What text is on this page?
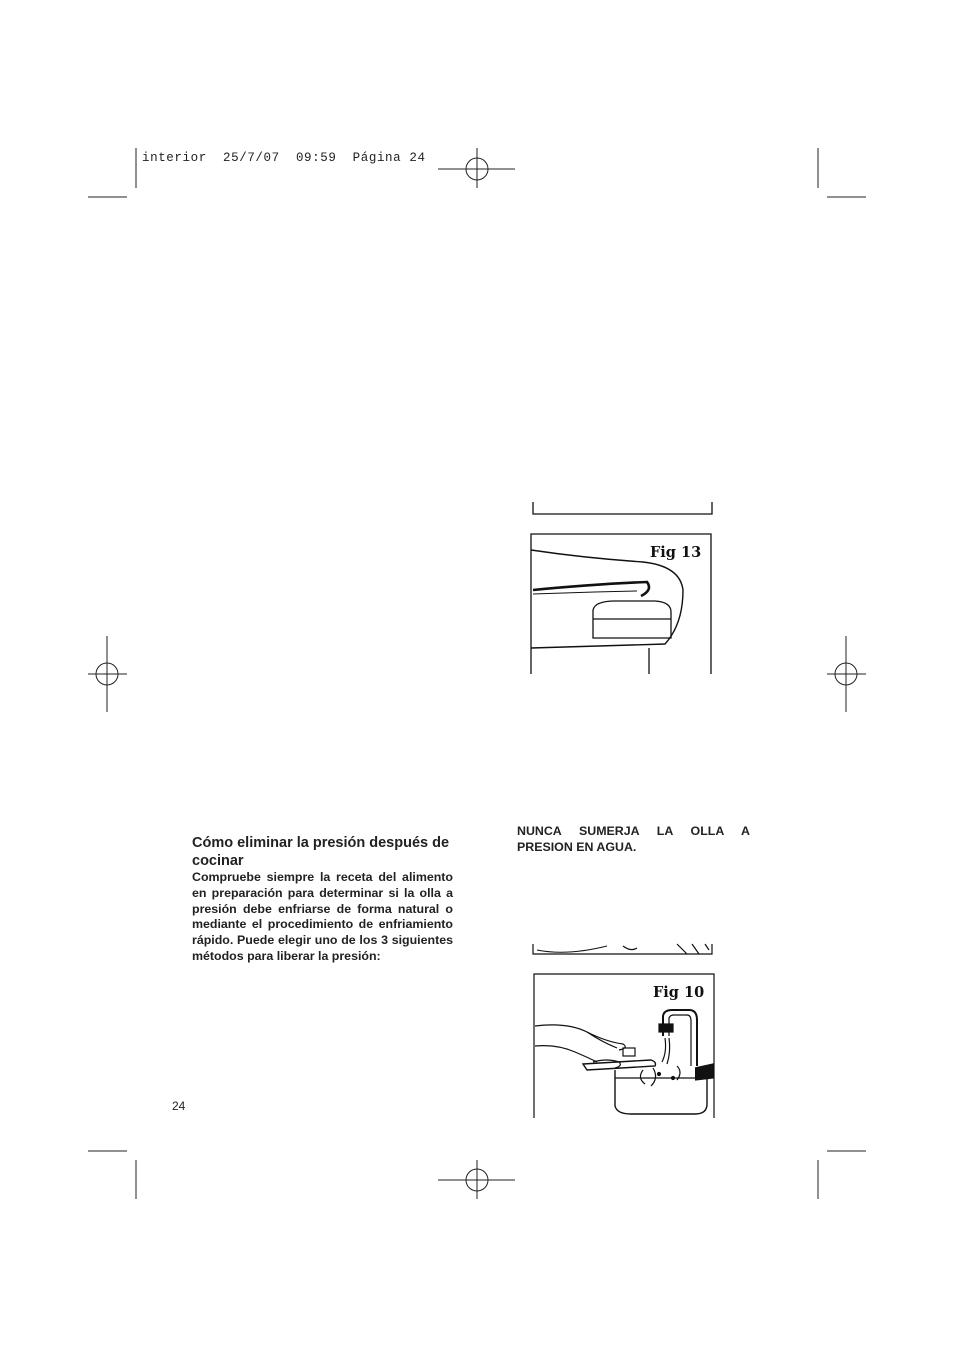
interior 25/7/07 09:59 Página 24
Fig 13
Cómo eliminar la presión después de cocinar
Compruebe siempre la receta del alimento en preparación para determinar si la olla a presión debe enfriarse de forma natural o mediante el procedimiento de enfriamiento rápido. Puede elegir uno de los 3 siguientes métodos para liberar la presión:
NUNCA SUMERJA LA OLLA A PRESION EN AGUA.
Fig 10
24
